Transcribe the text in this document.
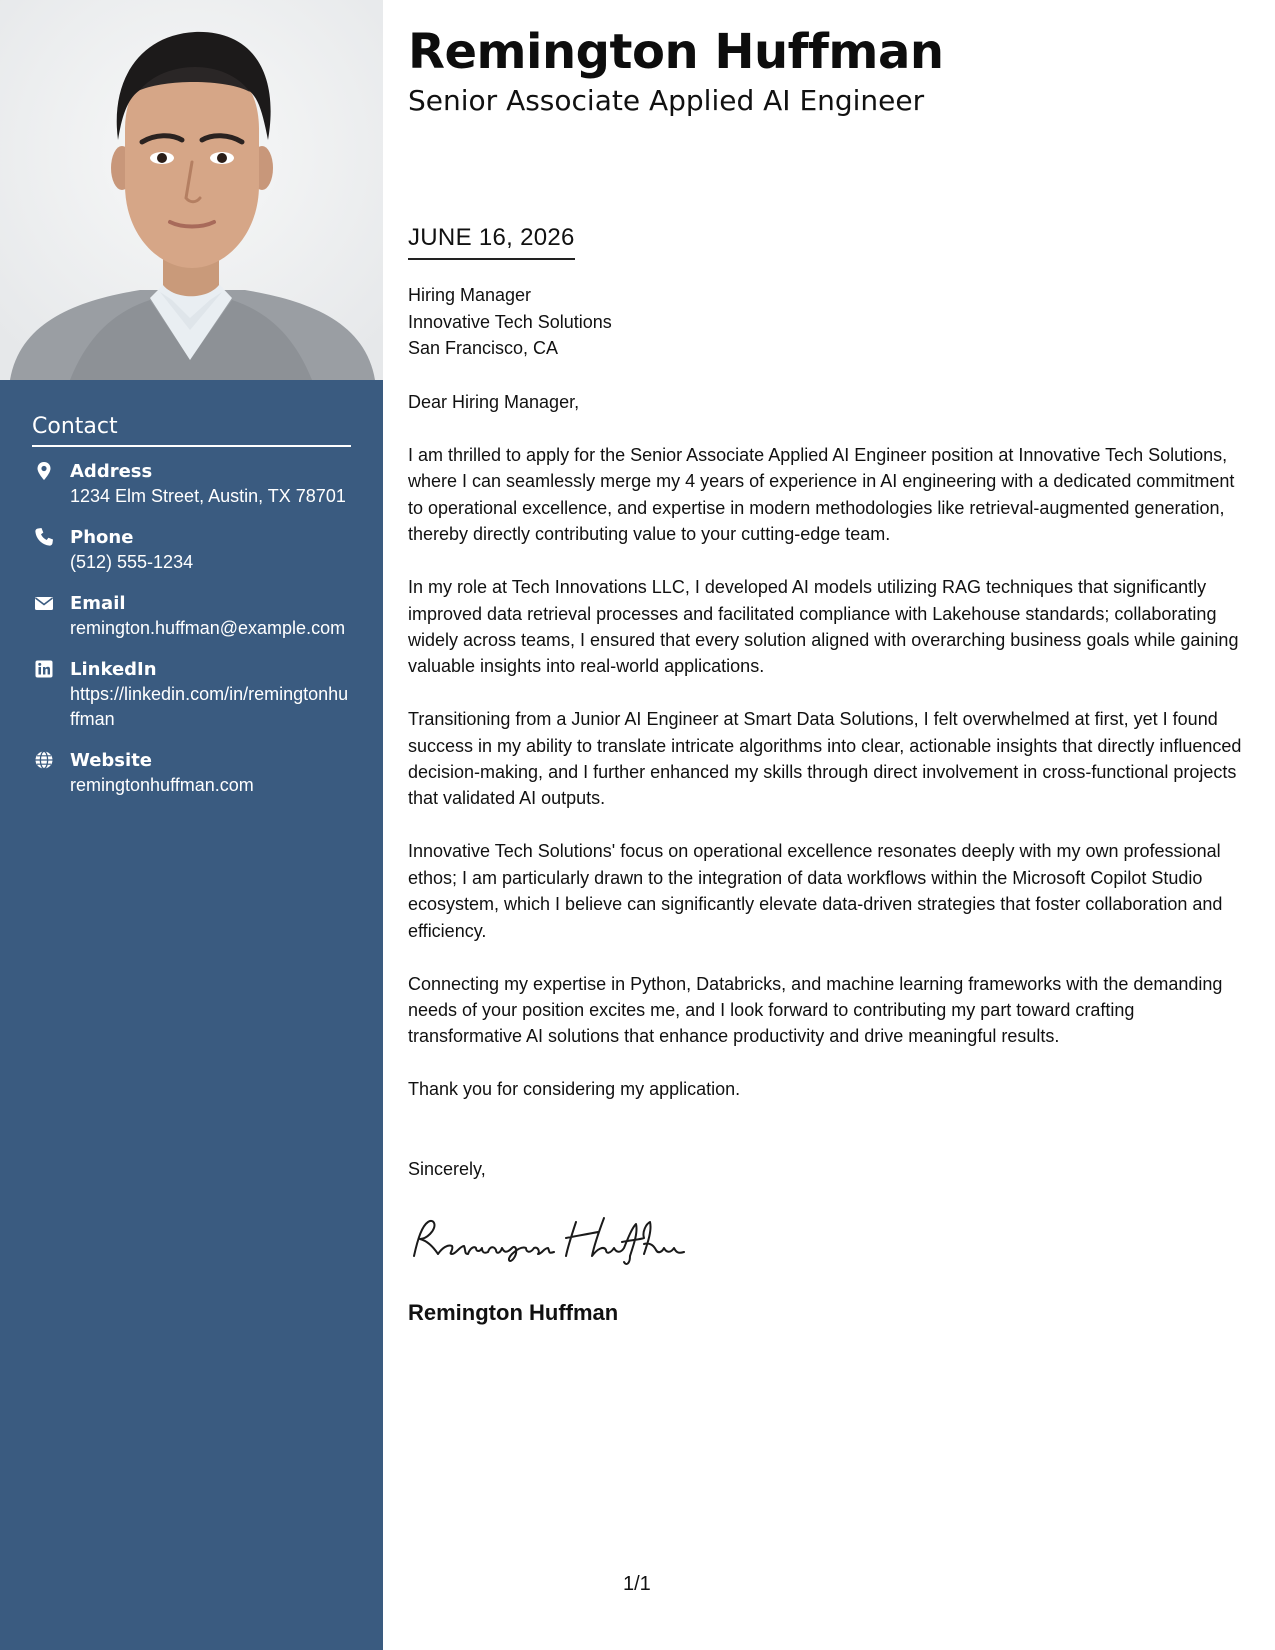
Contact
Address
1234 Elm Street, Austin, TX 78701
Phone
(512) 555-1234
Email
remington.huffman@example.com
LinkedIn
https://linkedin.com/in/remingtonhuffman
Website
remingtonhuffman.com
Remington Huffman
Senior Associate Applied AI Engineer
JUNE 16, 2026
Hiring Manager
Innovative Tech Solutions
San Francisco, CA
Dear Hiring Manager,

I am thrilled to apply for the Senior Associate Applied AI Engineer position at Innovative Tech Solutions, where I can seamlessly merge my 4 years of experience in AI engineering with a dedicated commitment to operational excellence, and expertise in modern methodologies like retrieval-augmented generation, thereby directly contributing value to your cutting-edge team.

In my role at Tech Innovations LLC, I developed AI models utilizing RAG techniques that significantly improved data retrieval processes and facilitated compliance with Lakehouse standards; collaborating widely across teams, I ensured that every solution aligned with overarching business goals while gaining valuable insights into real-world applications.

Transitioning from a Junior AI Engineer at Smart Data Solutions, I felt overwhelmed at first, yet I found success in my ability to translate intricate algorithms into clear, actionable insights that directly influenced decision-making, and I further enhanced my skills through direct involvement in cross-functional projects that validated AI outputs.

Innovative Tech Solutions' focus on operational excellence resonates deeply with my own professional ethos; I am particularly drawn to the integration of data workflows within the Microsoft Copilot Studio ecosystem, which I believe can significantly elevate data-driven strategies that foster collaboration and efficiency.

Connecting my expertise in Python, Databricks, and machine learning frameworks with the demanding needs of your position excites me, and I look forward to contributing my part toward crafting transformative AI solutions that enhance productivity and drive meaningful results.

Thank you for considering my application.

Sincerely,
Remington Huffman
1/1
